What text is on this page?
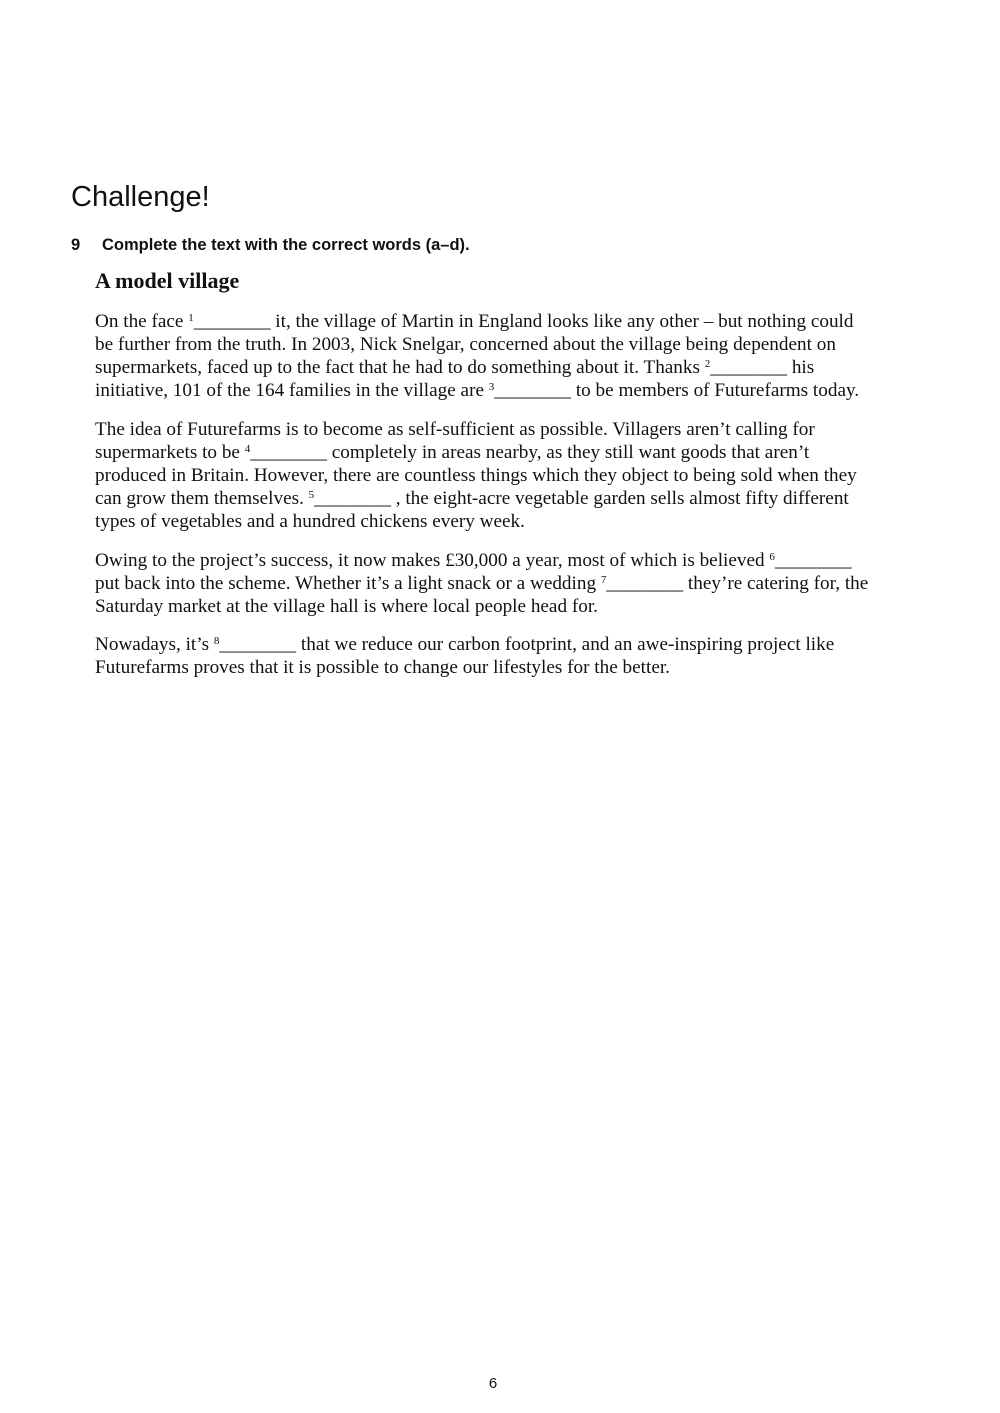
Challenge!

9 Complete the text with the correct words (a–d).

A model village

On the face $^1$________ it, the village of Martin in England looks like any other – but nothing could
be further from the truth. In 2003, Nick Snelgar, concerned about the village being dependent on
supermarkets, faced up to the fact that he had to do something about it. Thanks $^2$________ his
initiative, 101 of the 164 families in the village are $^3$________ to be members of Futurefarms today.

The idea of Futurefarms is to become as self-sufficient as possible. Villagers aren’t calling for
supermarkets to be $^4$________ completely in areas nearby, as they still want goods that aren’t
produced in Britain. However, there are countless things which they object to being sold when they
can grow them themselves. $^5$________ , the eight-acre vegetable garden sells almost fifty different
types of vegetables and a hundred chickens every week.

Owing to the project’s success, it now makes £30,000 a year, most of which is believed $^6$________
put back into the scheme. Whether it’s a light snack or a wedding $^7$________ they’re catering for, the
Saturday market at the village hall is where local people head for.

Nowadays, it’s $^8$________ that we reduce our carbon footprint, and an awe-inspiring project like
Futurefarms proves that it is possible to change our lifestyles for the better.

6
